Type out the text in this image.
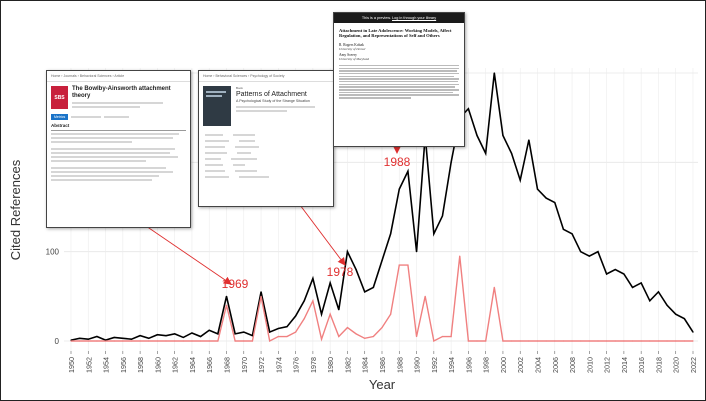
0
100
1950 1952 1954 1956 1958 1960 1962 1964 1966 1968 1970 1972 1974 1976 1978 1980 1982 1984 1986 1988 1990 1992 1994 1996 1998 2000 2002 2004 2006 2008 2010 2012 2014 2016 2018 2020 2022
Cited References
Year
1969
1978
1988
Home › Journals › Behavioral Sciences › Article
SBS
The Bowlby-Ainsworth attachment theory
Metrics
Abstract
Home › Behavioral Sciences › Psychology of Society
Book
Patterns of Attachment
A Psychological Study of the Strange Situation
This is a preview. Log in through your library
Attachment in Late Adolescence: Working Models, Affect Regulation, and Representations of Self and Others
R. Rogers Kobak
University of Denver
Amy Sceery
University of Maryland
